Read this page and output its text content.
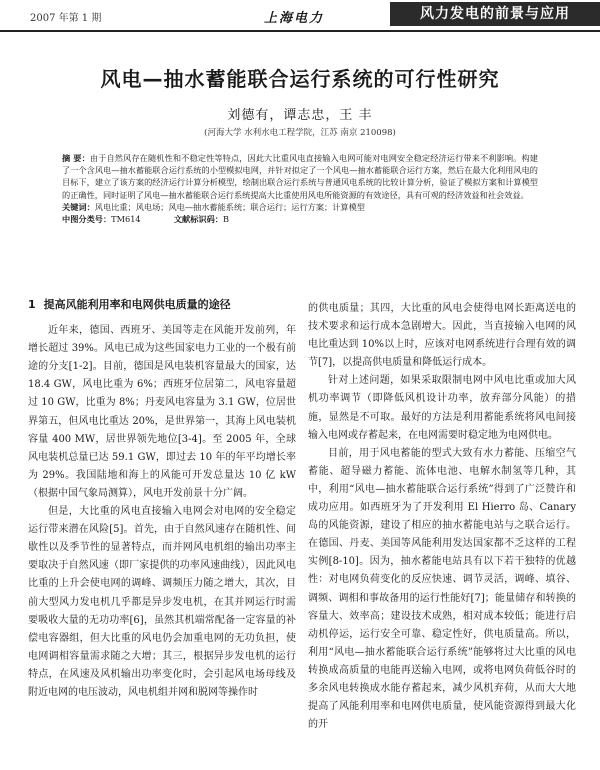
2007 年第 1 期	上海电力	风力发电的前景与应用
风电—抽水蓄能联合运行系统的可行性研究
刘德有，谭志忠，王 丰
(河海大学 水利水电工程学院，江苏 南京 210098)

摘 要：由于自然风存在随机性和不稳定性等特点，因此大比重风电直接输入电网可能对电网安全稳定经济运行带来不利影响。构建了一个含风电—抽水蓄能联合运行系统的小型模拟电网，并针对拟定了一个风电—抽水蓄能联合运行方案，然后在最大化利用风电的目标下，建立了该方案的经济运行计算分析模型，绘制出联合运行系统与普通风电系统的比较计算分析，验证了模拟方案和计算模型的正确性，同时证明了风电—抽水蓄能联合运行系统提高大比重使用风电所能资源的有效途径，具有可观的经济效益和社会效益。

关键词：风电比重；风电场；风电—抽水蓄能系统；联合运行；运行方案；计算模型

中图分类号：TM614	文献标识码：B

1 提高风能利用率和电网供电质量的途径

近年来，德国、西班牙、美国等走在风能开发前列，年增长超过 39%。风电已成为这些国家电力工业的一个极有前途的分支[1-2]。目前，德国是风电装机容量最大的国家，达 18.4 GW，风电比重为 6%；西班牙位居第二，风电容量超过 10 GW，比重为 8%；丹麦风电容量为 3.1 GW，位居世界第五，但风电比重达 20%，是世界第一，其海上风电装机容量 400 MW，居世界领先地位[3-4]。至 2005 年，全球风电装机总量已达 59.1 GW，即过去 10 年的年平均增长率为 29%。我国陆地和海上的风能可开发总量达 10 亿 kW（根据中国气象局测算），风电开发前景十分广阔。

但是，大比重的风电直接输入电网会对电网的安全稳定运行带来潜在风险[5]。首先，由于自然风速存在随机性、间歇性以及季节性的显著特点，而并网风电机组的输出功率主要取决于自然风速（即厂家提供的功率风速曲线），因此风电比重的上升会使电网的调峰、调频压力随之增大，其次，目前大型风力发电机几乎都是异步发电机，在其并网运行时需要吸收大量的无功功率[6]，虽然其机端常配备一定容量的补偿电容器组，但大比重的风电仍会加重电网的无功负担，使电网调相容量需求随之大增；其三，根据异步发电机的运行特点，在风速及风机输出功率变化时，会引起风电场母线及附近电网的电压波动，风电机组并网和脱网等操作时

的供电质量；其四，大比重的风电会使得电网长距离送电的技术要求和运行成本急剧增大。因此，当直接输入电网的风电比重达到 10%以上时，应该对电网系统进行合理有效的调节[7]，以提高供电质量和降低运行成本。

针对上述问题，如果采取限制电网中风电比重或加大风机功率调节（即降低风机设计功率，放弃部分风能）的措施，显然是不可取。最好的方法是利用蓄能系统将风电间接输入电网或存蓄起来，在电网需要时稳定地为电网供电。

目前，用于风电蓄能的型式大致有水力蓄能、压缩空气蓄能、超导磁力蓄能、流体电池、电解水制氢等几种，其中，利用“风电—抽水蓄能联合运行系统”得到了广泛赞许和成功应用。如西班牙为了开发利用 El Hierro 岛、Canary 岛的风能资源，建设了相应的抽水蓄能电站与之联合运行。在德国、丹麦、美国等风能利用发达国家都不乏这样的工程实例[8-10]。因为，抽水蓄能电站具有以下若干独特的优越性：对电网负荷变化的反应快速、调节灵活，调峰、填谷、调频、调相和事故备用的运行性能好[7]；能量储存和转换的容量大、效率高；建设技术成熟，相对成本较低；能进行启动机停运，运行安全可靠、稳定性好，供电质量高。所以，利用“风电—抽水蓄能联合运行系统”能够将过大比重的风电转换成高质量的电能再送输入电网，或将电网负荷低谷时的多余风电转换成水能存蓄起来，减少风机弃荷，从而大大地提高了风能利用率和电网供电质量，使风能资源得到最大化的开
